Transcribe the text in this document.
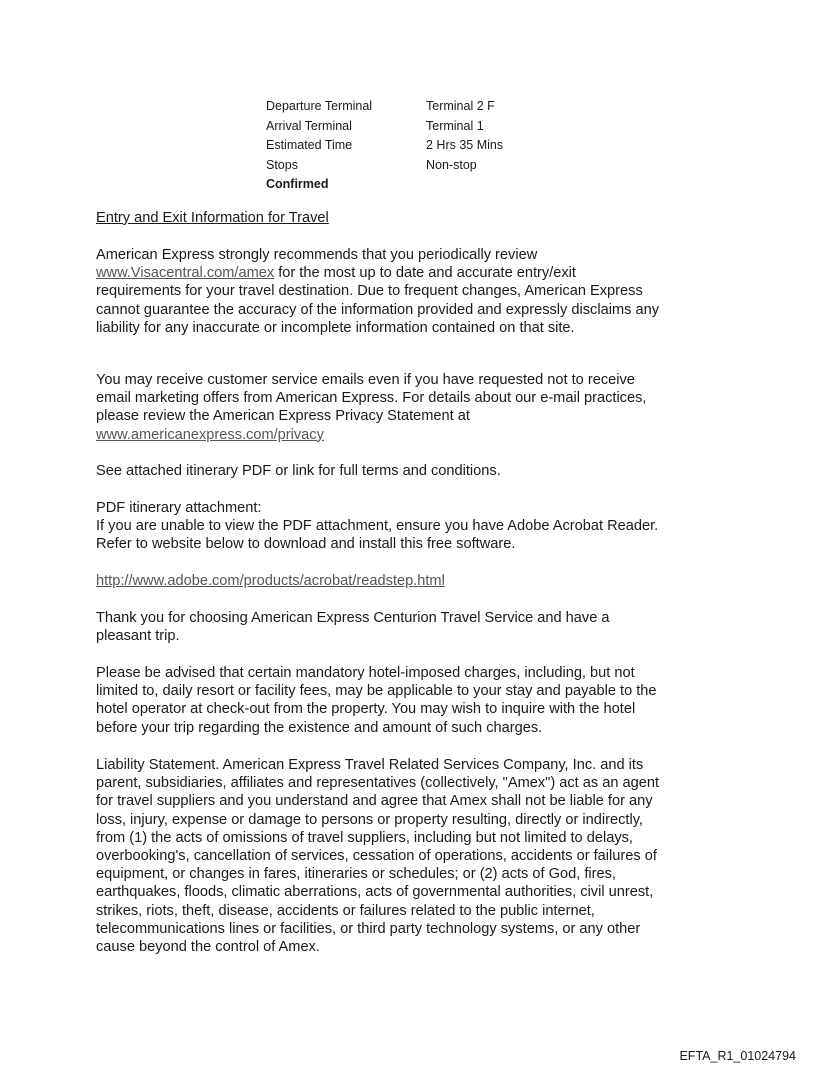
Departure Terminal	Terminal 2 F
Arrival Terminal	Terminal 1
Estimated Time	2 Hrs 35 Mins
Stops	Non-stop
Confirmed

Entry and Exit Information for Travel

American Express strongly recommends that you periodically review

www.Visacentral.com/amex for the most up to date and accurate entry/exit

requirements for your travel destination. Due to frequent changes, American Express

cannot guarantee the accuracy of the information provided and expressly disclaims any

liability for any inaccurate or incomplete information contained on that site.

You may receive customer service emails even if you have requested not to receive

email marketing offers from American Express. For details about our e-mail practices,

please review the American Express Privacy Statement at

www.americanexpress.com/privacy

See attached itinerary PDF or link for full terms and conditions.

PDF itinerary attachment:

If you are unable to view the PDF attachment, ensure you have Adobe Acrobat Reader.

Refer to website below to download and install this free software.

http://www.adobe.com/products/acrobat/readstep.html

Thank you for choosing American Express Centurion Travel Service and have a

pleasant trip.

Please be advised that certain mandatory hotel-imposed charges, including, but not

limited to, daily resort or facility fees, may be applicable to your stay and payable to the

hotel operator at check-out from the property. You may wish to inquire with the hotel

before your trip regarding the existence and amount of such charges.

Liability Statement. American Express Travel Related Services Company, Inc. and its

parent, subsidiaries, affiliates and representatives (collectively, "Amex") act as an agent

for travel suppliers and you understand and agree that Amex shall not be liable for any

loss, injury, expense or damage to persons or property resulting, directly or indirectly,

from (1) the acts of omissions of travel suppliers, including but not limited to delays,

overbooking's, cancellation of services, cessation of operations, accidents or failures of

equipment, or changes in fares, itineraries or schedules; or (2) acts of God, fires,

earthquakes, floods, climatic aberrations, acts of governmental authorities, civil unrest,

strikes, riots, theft, disease, accidents or failures related to the public internet,

telecommunications lines or facilities, or third party technology systems, or any other

cause beyond the control of Amex.

EFTA_R1_01024794
